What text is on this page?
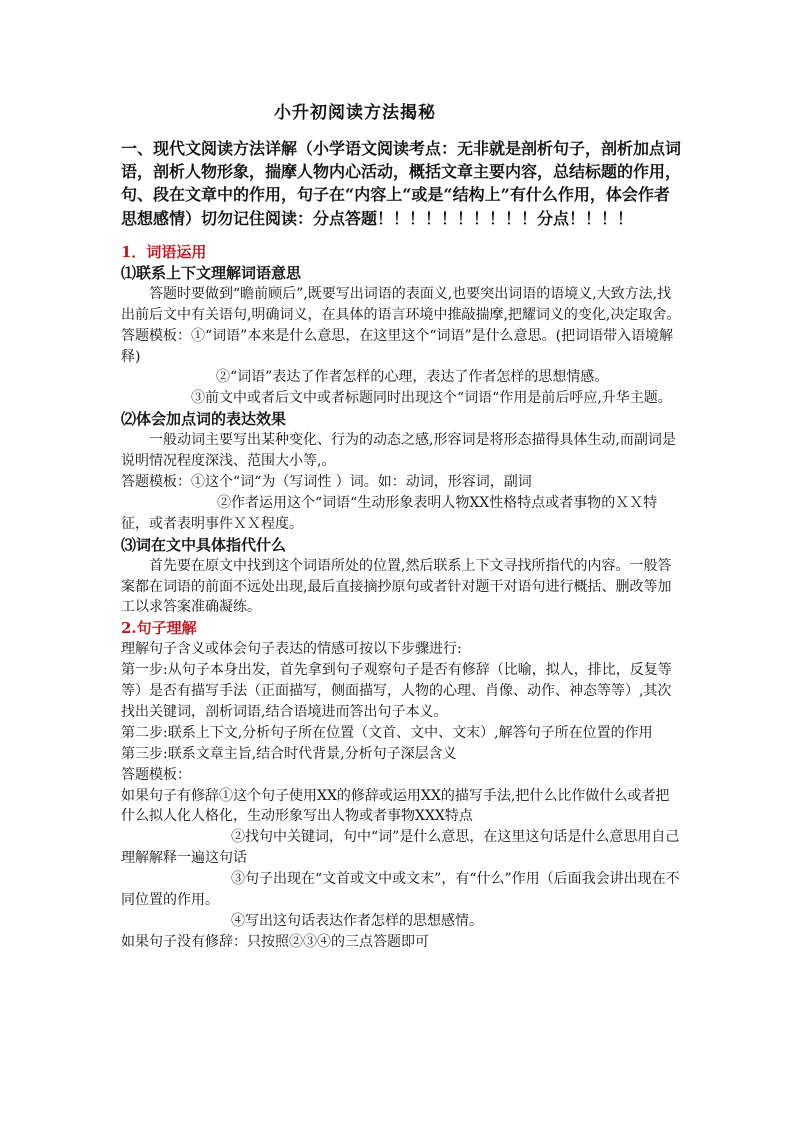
小升初阅读方法揭秘
一、现代文阅读方法详解（小学语文阅读考点：无非就是剖析句子，剖析加点词语，剖析人物形象，揣摩人物内心活动，概括文章主要内容，总结标题的作用，句、段在文章中的作用，句子在“内容上“或是“结构上”有什么作用，体会作者思想感情）切勿记住阅读：分点答题！！！！！！！！！！分点！！！！

1．词语运用

⑴联系上下文理解词语意思

答题时要做到“瞻前顾后”,既要写出词语的表面义,也要突出词语的语境义,大致方法,找出前后文中有关语句,明确词义，在具体的语言环境中推敲揣摩,把耀词义的变化,决定取舍。

答题模板：①“词语”本来是什么意思，在这里这个“词语”是什么意思。(把词语带入语境解释)

②“词语”表达了作者怎样的心理，表达了作者怎样的思想情感。

③前文中或者后文中或者标题同时出现这个“词语“作用是前后呼应,升华主题。

⑵体会加点词的表达效果

一般动词主要写出某种变化、行为的动态之感,形容词是将形态描得具体生动,而副词是说明情况程度深浅、范围大小等,。

答题模板：①这个“词“为（写词性 ）词。如：动词，形容词，副词

②作者运用这个“词语“生动形象表明人物XX性格特点或者事物的ＸＸ特征，或者表明事件ＸＸ程度。

⑶词在文中具体指代什么

首先要在原文中找到这个词语所处的位置,然后联系上下文寻找所指代的内容。一般答案都在词语的前面不远处出现,最后直接摘抄原句或者针对题干对语句进行概括、删改等加工以求答案准确凝练。

2.句子理解

理解句子含义或体会句子表达的情感可按以下步骤进行:

第一步:从句子本身出发，首先拿到句子观察句子是否有修辞（比喻，拟人，排比，反复等等）是否有描写手法（正面描写，侧面描写，人物的心理、肖像、动作、神态等等）,其次找出关键词，剖析词语,结合语境进而答出句子本义。

第二步:联系上下文,分析句子所在位置（文首、文中、文末）,解答句子所在位置的作用

第三步:联系文章主旨,结合时代背景,分析句子深层含义

答题模板：

如果句子有修辞①这个句子使用XX的修辞或运用XX的描写手法,把什么比作做什么或者把什么拟人化人格化，生动形象写出人物或者事物XXX特点

②找句中关键词，句中“词”是什么意思，在这里这句话是什么意思用自己理解解释一遍这句话

③句子出现在“文首或文中或文末”，有“什么”作用（后面我会讲出现在不同位置的作用。

④写出这句话表达作者怎样的思想感情。

如果句子没有修辞：只按照②③④的三点答题即可
